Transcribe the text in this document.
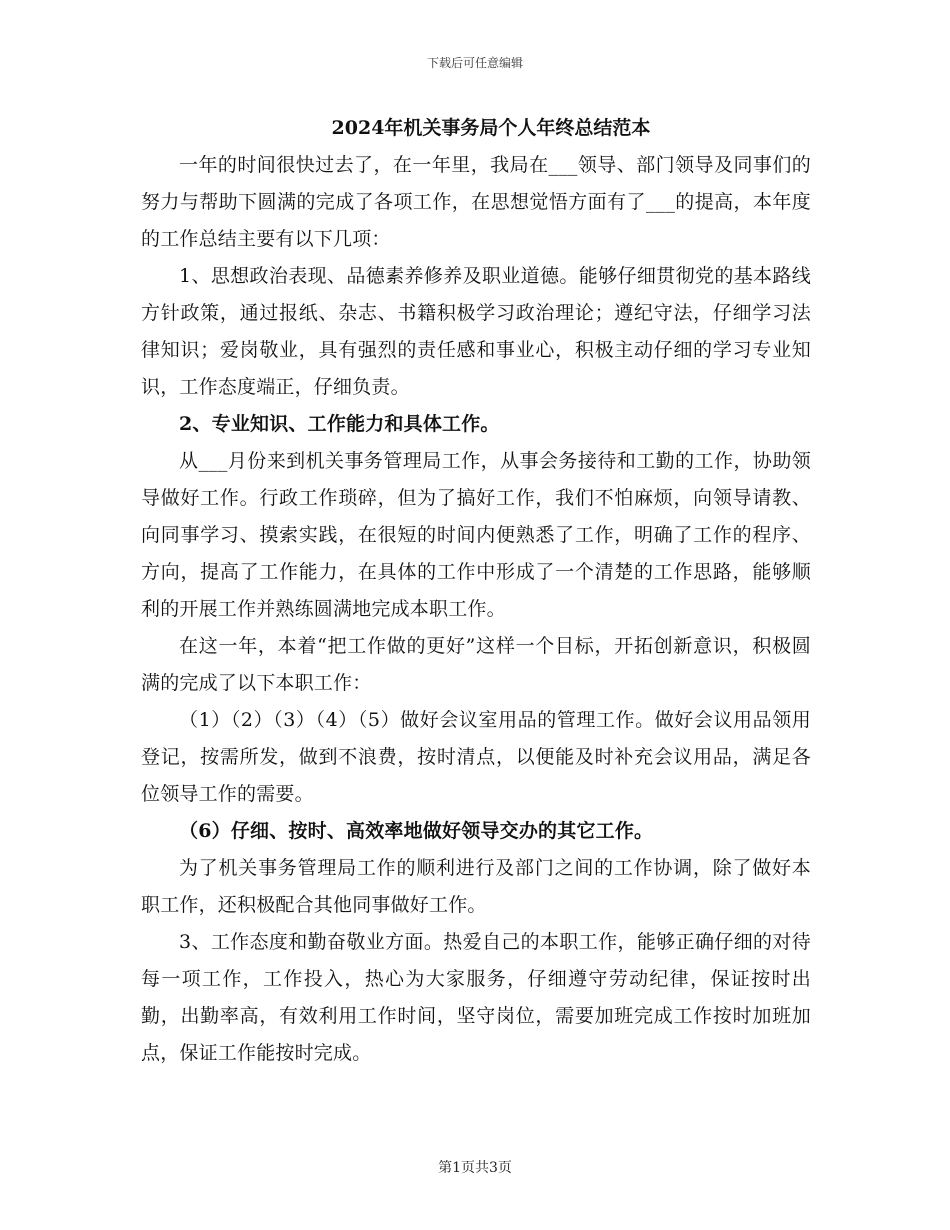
下载后可任意编辑
2024年机关事务局个人年终总结范本

一年的时间很快过去了，在一年里，我局在___领导、部门领导及同事们的努力与帮助下圆满的完成了各项工作，在思想觉悟方面有了___的提高，本年度的工作总结主要有以下几项：

1、思想政治表现、品德素养修养及职业道德。能够仔细贯彻党的基本路线方针政策，通过报纸、杂志、书籍积极学习政治理论；遵纪守法，仔细学习法律知识；爱岗敬业，具有强烈的责任感和事业心，积极主动仔细的学习专业知识，工作态度端正，仔细负责。

2、专业知识、工作能力和具体工作。

从___月份来到机关事务管理局工作，从事会务接待和工勤的工作，协助领导做好工作。行政工作琐碎，但为了搞好工作，我们不怕麻烦，向领导请教、向同事学习、摸索实践，在很短的时间内便熟悉了工作，明确了工作的程序、方向，提高了工作能力，在具体的工作中形成了一个清楚的工作思路，能够顺利的开展工作并熟练圆满地完成本职工作。

在这一年，本着“把工作做的更好”这样一个目标，开拓创新意识，积极圆满的完成了以下本职工作：

（1）（2）（3）（4）（5）做好会议室用品的管理工作。做好会议用品领用登记，按需所发，做到不浪费，按时清点，以便能及时补充会议用品，满足各位领导工作的需要。

（6）仔细、按时、高效率地做好领导交办的其它工作。

为了机关事务管理局工作的顺利进行及部门之间的工作协调，除了做好本职工作，还积极配合其他同事做好工作。

3、工作态度和勤奋敬业方面。热爱自己的本职工作，能够正确仔细的对待每一项工作，工作投入，热心为大家服务，仔细遵守劳动纪律，保证按时出勤，出勤率高，有效利用工作时间，坚守岗位，需要加班完成工作按时加班加点，保证工作能按时完成。

第1页共3页
